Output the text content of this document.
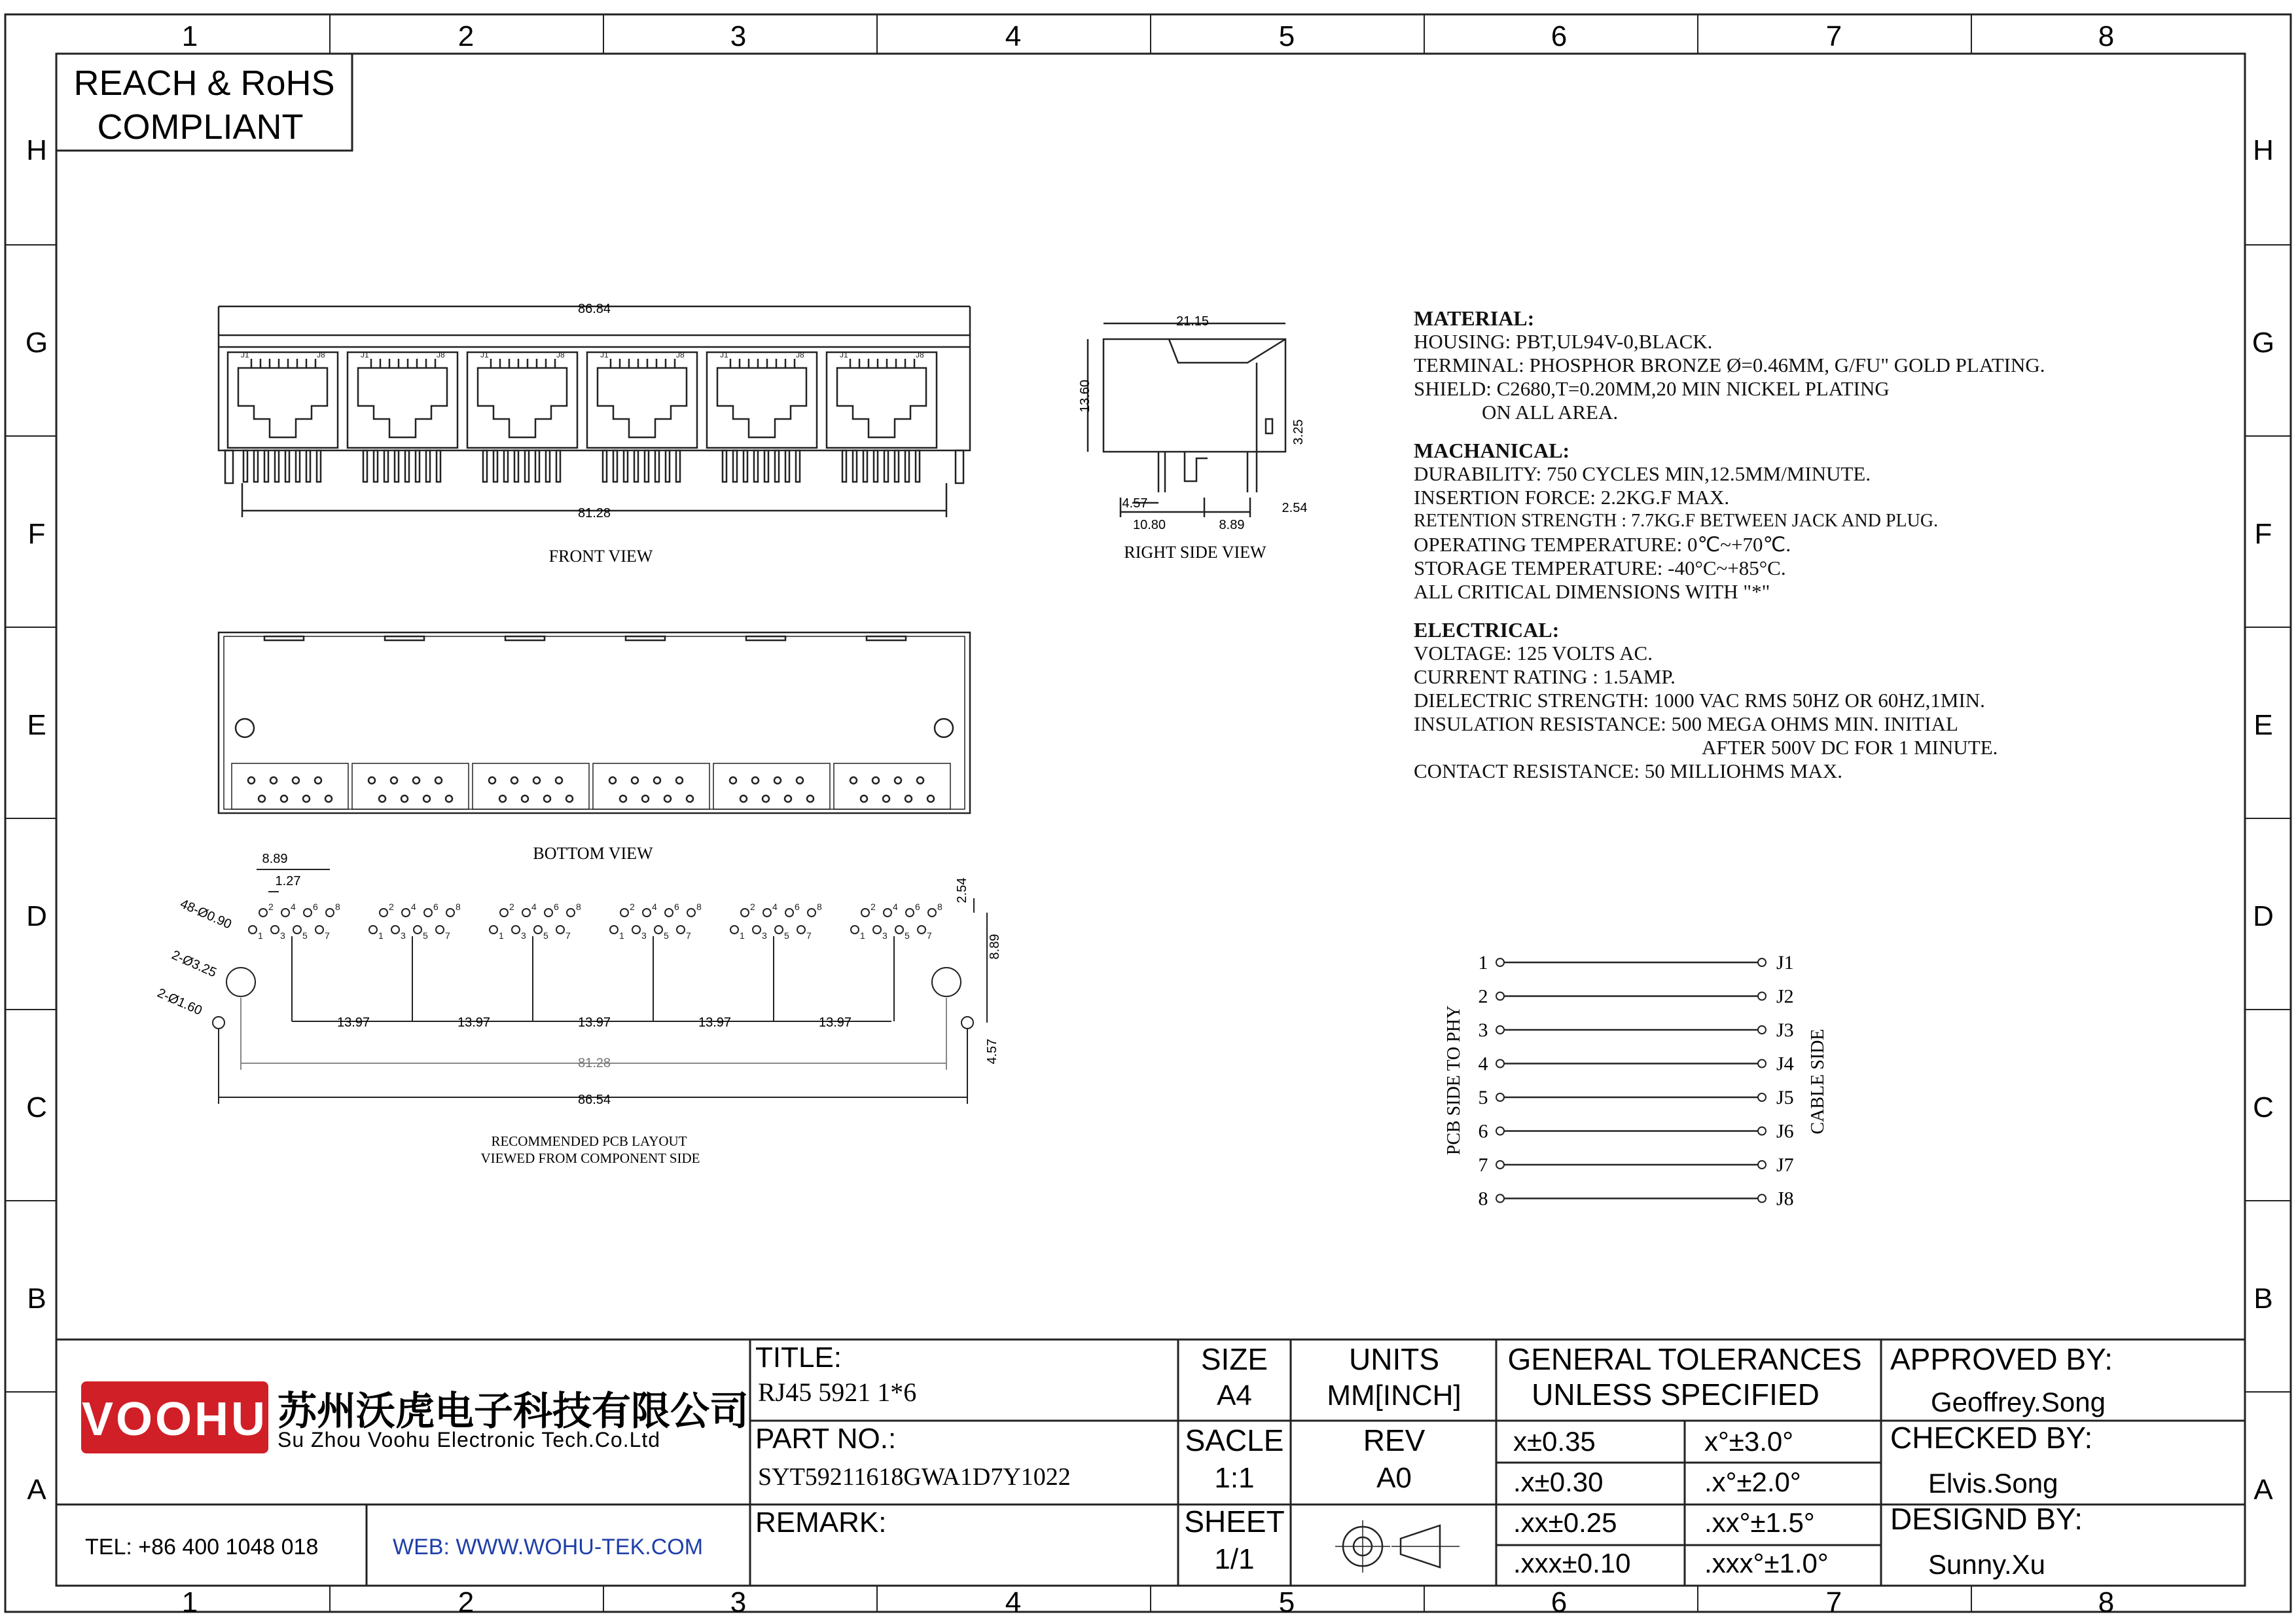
1
1
2
2
3
3
4
4
5
5
6
6
7
7
8
8
H	H
G	G
F	F
E	E
D	D
C	C
B	B
A	A
REACH & RoHS
COMPLIANT
J1	J8	J1	J8	J1	J8	J1	J8	J1	J8	J1	J8
86.84
81.28
FRONT VIEW
21.15
13.60
3.25
4.57
10.80	8.89
2.54
RIGHT SIDE VIEW
BOTTOM VIEW
2
1
4
3
6
5
8
7
2
1
4
3
6
5
8
7
2
1
4
3
6
5
8
7
2
1
4
3
6
5
8
7
2
1
4
3
6
5
8
7
2
1
4
3
6
5
8
7
8.89
1.27	2.54
8.89
48-Ø0.90
2-Ø3.25
2-Ø1.60
13.97	13.97	13.97	13.97	13.97
81.28
86.54
4.57
RECOMMENDED PCB LAYOUT
VIEWED FROM COMPONENT SIDE
1	J1
2	J2
3	J3
4	J4
5	J5
6	J6
7	J7
8	J8
PCB SIDE TO PHY	CABLE SIDE
VOOHU 苏州沃虎电子科技有限公司
Su Zhou Voohu Electronic Tech.Co.Ltd
TEL: +86 400 1048 018	WEB: WWW.WOHU-TEK.COM
TITLE:
RJ45 5921 1*6
PART NO.:
SYT59211618GWA1D7Y1022
REMARK:
SIZE
A4
UNITS
MM[INCH]
SACLE
1:1
REV
A0
SHEET
1/1
GENERAL TOLERANCES
UNLESS SPECIFIED
x±0.35	x°±3.0°
.x±0.30	.x°±2.0°
.xx±0.25	.xx°±1.5°
.xxx±0.10	.xxx°±1.0°
APPROVED BY:
Geoffrey.Song
CHECKED BY:
Elvis.Song
DESIGND BY:
Sunny.Xu
MATERIAL:
HOUSING: PBT,UL94V-0,BLACK.
TERMINAL: PHOSPHOR BRONZE Ø=0.46MM, G/FU" GOLD PLATING.
SHIELD: C2680,T=0.20MM,20 MIN NICKEL PLATING
ON ALL AREA.
MACHANICAL:
DURABILITY: 750 CYCLES MIN,12.5MM/MINUTE.
INSERTION FORCE: 2.2KG.F MAX.
RETENTION STRENGTH : 7.7KG.F BETWEEN JACK AND PLUG.
OPERATING TEMPERATURE: 0℃~+70℃.
STORAGE TEMPERATURE: -40°C~+85°C.
ALL CRITICAL DIMENSIONS WITH "*"
ELECTRICAL:
VOLTAGE: 125 VOLTS AC.
CURRENT RATING : 1.5AMP.
DIELECTRIC STRENGTH: 1000 VAC RMS 50HZ OR 60HZ,1MIN.
INSULATION RESISTANCE: 500 MEGA OHMS MIN. INITIAL
AFTER 500V DC FOR 1 MINUTE.
CONTACT RESISTANCE: 50 MILLIOHMS MAX.
